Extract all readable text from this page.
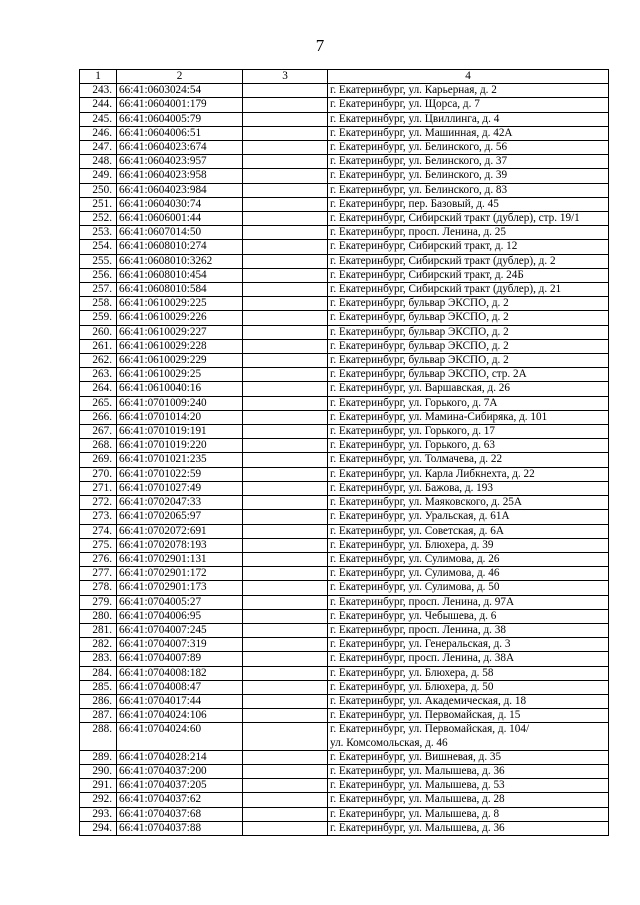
7
1	2	3	4
243.	66:41:0603024:54		г. Екатеринбург, ул. Карьерная, д. 2

244.	66:41:0604001:179		г. Екатеринбург, ул. Щорса, д. 7

245.	66:41:0604005:79		г. Екатеринбург, ул. Цвиллинга, д. 4

246.	66:41:0604006:51		г. Екатеринбург, ул. Машинная, д. 42А

247.	66:41:0604023:674		г. Екатеринбург, ул. Белинского, д. 56

248.	66:41:0604023:957		г. Екатеринбург, ул. Белинского, д. 37

249.	66:41:0604023:958		г. Екатеринбург, ул. Белинского, д. 39

250.	66:41:0604023:984		г. Екатеринбург, ул. Белинского, д. 83

251.	66:41:0604030:74		г. Екатеринбург, пер. Базовый, д. 45

252.	66:41:0606001:44		г. Екатеринбург, Сибирский тракт (дублер), стр. 19/1

253.	66:41:0607014:50		г. Екатеринбург, просп. Ленина, д. 25

254.	66:41:0608010:274		г. Екатеринбург, Сибирский тракт, д. 12

255.	66:41:0608010:3262		г. Екатеринбург, Сибирский тракт (дублер), д. 2

256.	66:41:0608010:454		г. Екатеринбург, Сибирский тракт, д. 24Б

257.	66:41:0608010:584		г. Екатеринбург, Сибирский тракт (дублер), д. 21

258.	66:41:0610029:225		г. Екатеринбург, бульвар ЭКСПО, д. 2

259.	66:41:0610029:226		г. Екатеринбург, бульвар ЭКСПО, д. 2

260.	66:41:0610029:227		г. Екатеринбург, бульвар ЭКСПО, д. 2

261.	66:41:0610029:228		г. Екатеринбург, бульвар ЭКСПО, д. 2

262.	66:41:0610029:229		г. Екатеринбург, бульвар ЭКСПО, д. 2

263.	66:41:0610029:25		г. Екатеринбург, бульвар ЭКСПО, стр. 2А

264.	66:41:0610040:16		г. Екатеринбург, ул. Варшавская, д. 26

265.	66:41:0701009:240		г. Екатеринбург, ул. Горького, д. 7А

266.	66:41:0701014:20		г. Екатеринбург, ул. Мамина-Сибиряка, д. 101

267.	66:41:0701019:191		г. Екатеринбург, ул. Горького, д. 17

268.	66:41:0701019:220		г. Екатеринбург, ул. Горького, д. 63

269.	66:41:0701021:235		г. Екатеринбург, ул. Толмачева, д. 22

270.	66:41:0701022:59		г. Екатеринбург, ул. Карла Либкнехта, д. 22

271.	66:41:0701027:49		г. Екатеринбург, ул. Бажова, д. 193

272.	66:41:0702047:33		г. Екатеринбург, ул. Маяковского, д. 25А

273.	66:41:0702065:97		г. Екатеринбург, ул. Уральская, д. 61А

274.	66:41:0702072:691		г. Екатеринбург, ул. Советская, д. 6А

275.	66:41:0702078:193		г. Екатеринбург, ул. Блюхера, д. 39

276.	66:41:0702901:131		г. Екатеринбург, ул. Сулимова, д. 26

277.	66:41:0702901:172		г. Екатеринбург, ул. Сулимова, д. 46

278.	66:41:0702901:173		г. Екатеринбург, ул. Сулимова, д. 50

279.	66:41:0704005:27		г. Екатеринбург, просп. Ленина, д. 97А

280.	66:41:0704006:95		г. Екатеринбург, ул. Чебышева, д. 6

281.	66:41:0704007:245		г. Екатеринбург, просп. Ленина, д. 38

282.	66:41:0704007:319		г. Екатеринбург, ул. Генеральская, д. 3

283.	66:41:0704007:89		г. Екатеринбург, просп. Ленина, д. 38А

284.	66:41:0704008:182		г. Екатеринбург, ул. Блюхера, д. 58

285.	66:41:0704008:47		г. Екатеринбург, ул. Блюхера, д. 50

286.	66:41:0704017:44		г. Екатеринбург, ул. Академическая, д. 18

287.	66:41:0704024:106		г. Екатеринбург, ул. Первомайская, д. 15

288.	66:41:0704024:60		г. Екатеринбург, ул. Первомайская, д. 104/
ул. Комсомольская, д. 46

289.	66:41:0704028:214		г. Екатеринбург, ул. Вишневая, д. 35

290.	66:41:0704037:200		г. Екатеринбург, ул. Малышева, д. 36

291.	66:41:0704037:205		г. Екатеринбург, ул. Малышева, д. 53

292.	66:41:0704037:62		г. Екатеринбург, ул. Малышева, д. 28

293.	66:41:0704037:68		г. Екатеринбург, ул. Малышева, д. 8

294.	66:41:0704037:88		г. Екатеринбург, ул. Малышева, д. 36
